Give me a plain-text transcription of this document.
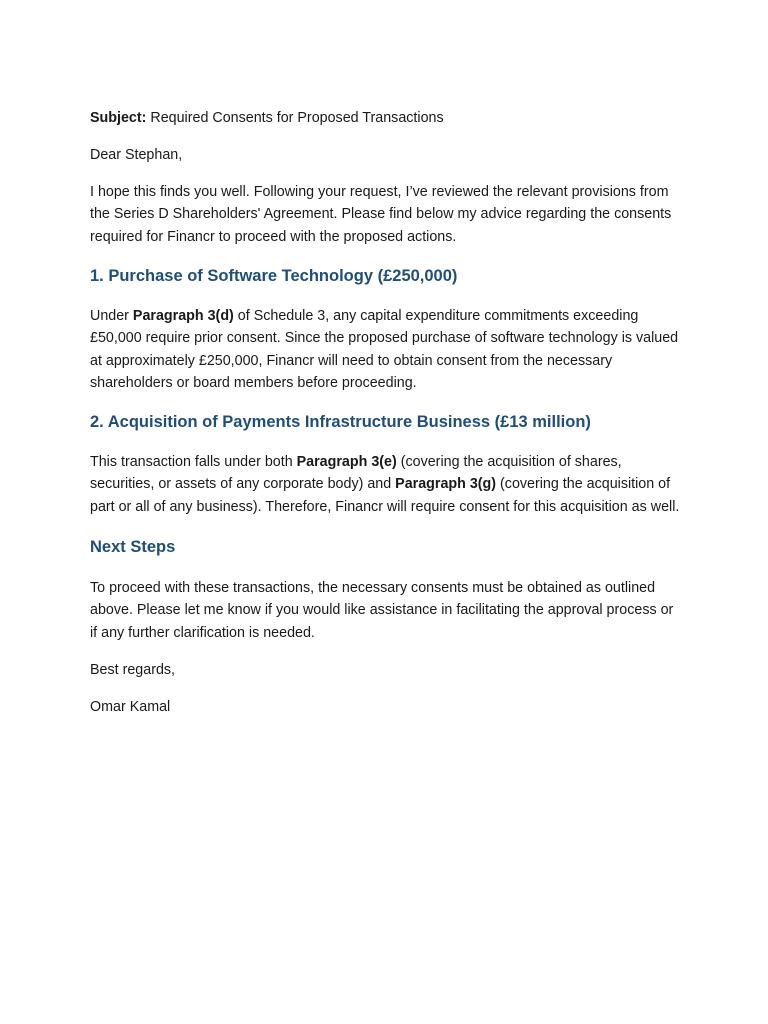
Subject: Required Consents for Proposed Transactions

Dear Stephan,

I hope this finds you well. Following your request, I’ve reviewed the relevant provisions from the Series D Shareholders' Agreement. Please find below my advice regarding the consents required for Financr to proceed with the proposed actions.

1. Purchase of Software Technology (£250,000)

Under Paragraph 3(d) of Schedule 3, any capital expenditure commitments exceeding £50,000 require prior consent. Since the proposed purchase of software technology is valued at approximately £250,000, Financr will need to obtain consent from the necessary shareholders or board members before proceeding.

2. Acquisition of Payments Infrastructure Business (£13 million)

This transaction falls under both Paragraph 3(e) (covering the acquisition of shares, securities, or assets of any corporate body) and Paragraph 3(g) (covering the acquisition of part or all of any business). Therefore, Financr will require consent for this acquisition as well.

Next Steps

To proceed with these transactions, the necessary consents must be obtained as outlined above. Please let me know if you would like assistance in facilitating the approval process or if any further clarification is needed.

Best regards,

Omar Kamal
